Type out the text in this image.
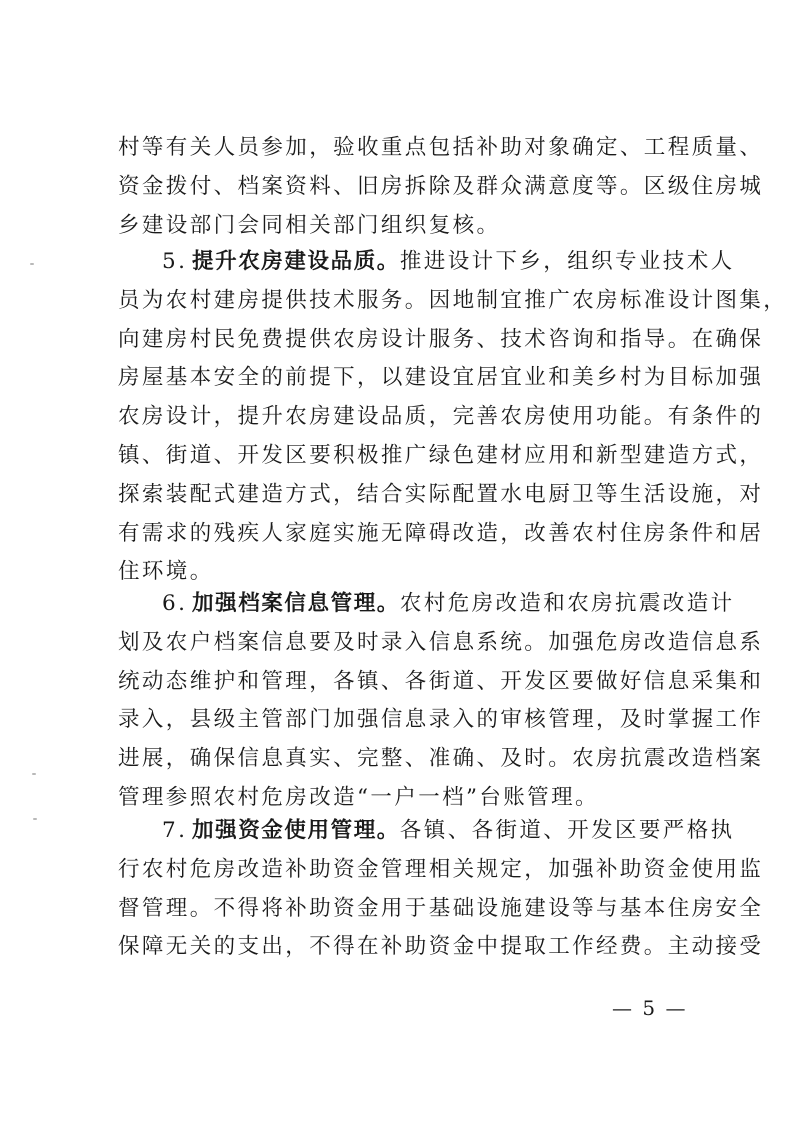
村等有关人员参加，验收重点包括补助对象确定、工程质量、
资金拨付、档案资料、旧房拆除及群众满意度等。区级住房城
乡建设部门会同相关部门组织复核。
5. 提升农房建设品质。推进设计下乡，组织专业技术人
员为农村建房提供技术服务。因地制宜推广农房标准设计图集，
向建房村民免费提供农房设计服务、技术咨询和指导。在确保
房屋基本安全的前提下，以建设宜居宜业和美乡村为目标加强
农房设计，提升农房建设品质，完善农房使用功能。有条件的
镇、街道、开发区要积极推广绿色建材应用和新型建造方式，
探索装配式建造方式，结合实际配置水电厨卫等生活设施，对
有需求的残疾人家庭实施无障碍改造，改善农村住房条件和居
住环境。
6. 加强档案信息管理。农村危房改造和农房抗震改造计
划及农户档案信息要及时录入信息系统。加强危房改造信息系
统动态维护和管理，各镇、各街道、开发区要做好信息采集和
录入，县级主管部门加强信息录入的审核管理，及时掌握工作
进展，确保信息真实、完整、准确、及时。农房抗震改造档案
管理参照农村危房改造“一户一档”台账管理。
7. 加强资金使用管理。各镇、各街道、开发区要严格执
行农村危房改造补助资金管理相关规定，加强补助资金使用监
督管理。不得将补助资金用于基础设施建设等与基本住房安全
保障无关的支出，不得在补助资金中提取工作经费。主动接受
— 5 —
